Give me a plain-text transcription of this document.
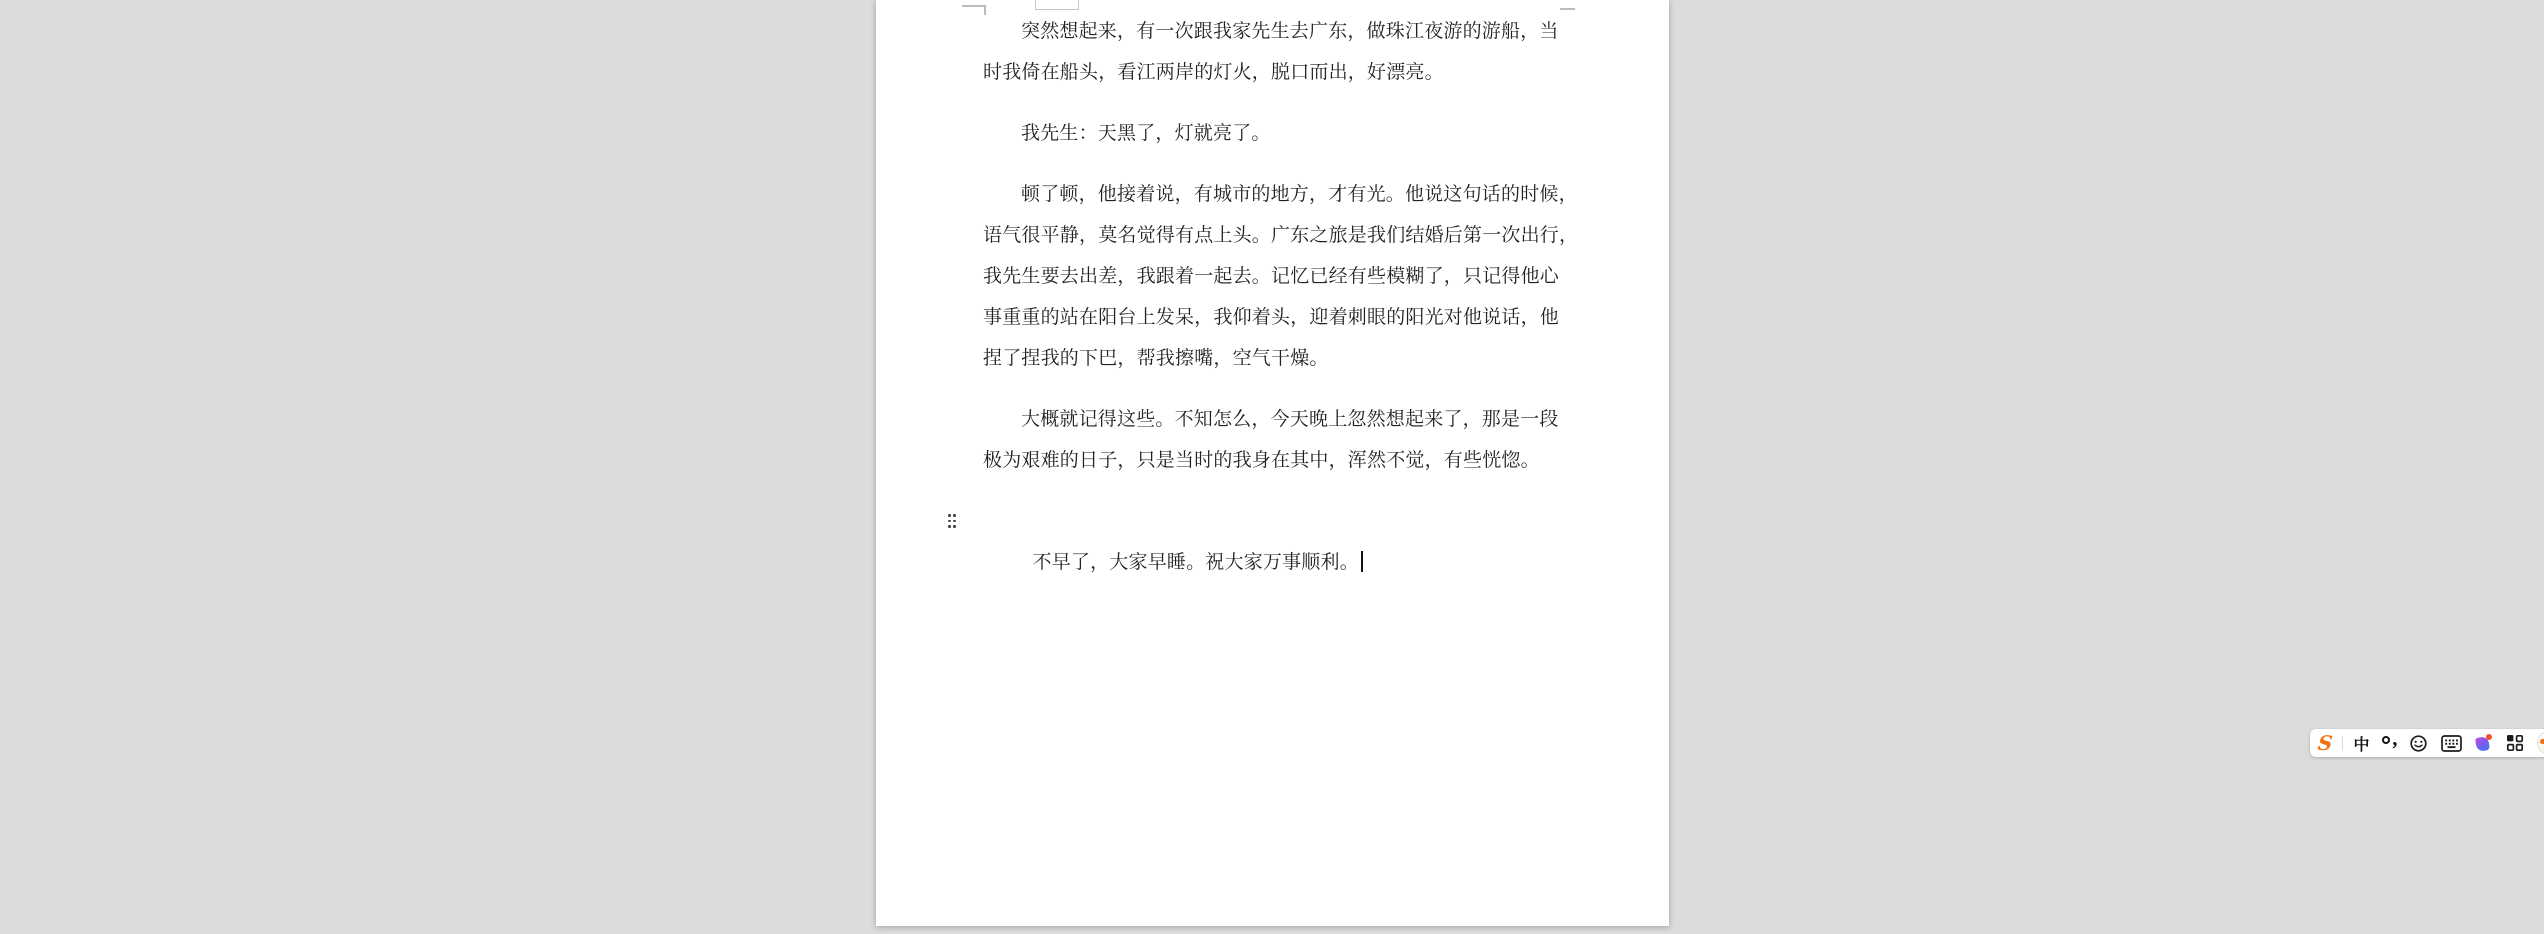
突然想起来，有一次跟我家先生去广东，做珠江夜游的游船，当
时我倚在船头，看江两岸的灯火，脱口而出，好漂亮。
我先生：天黑了，灯就亮了。
顿了顿，他接着说，有城市的地方，才有光。他说这句话的时候，
语气很平静，莫名觉得有点上头。广东之旅是我们结婚后第一次出行，
我先生要去出差，我跟着一起去。记忆已经有些模糊了，只记得他心
事重重的站在阳台上发呆，我仰着头，迎着刺眼的阳光对他说话，他
捏了捏我的下巴，帮我擦嘴，空气干燥。
大概就记得这些。不知怎么，今天晚上忽然想起来了，那是一段
极为艰难的日子，只是当时的我身在其中，浑然不觉，有些恍惚。

不早了，大家早睡。祝大家万事顺利。

S 中 ,
